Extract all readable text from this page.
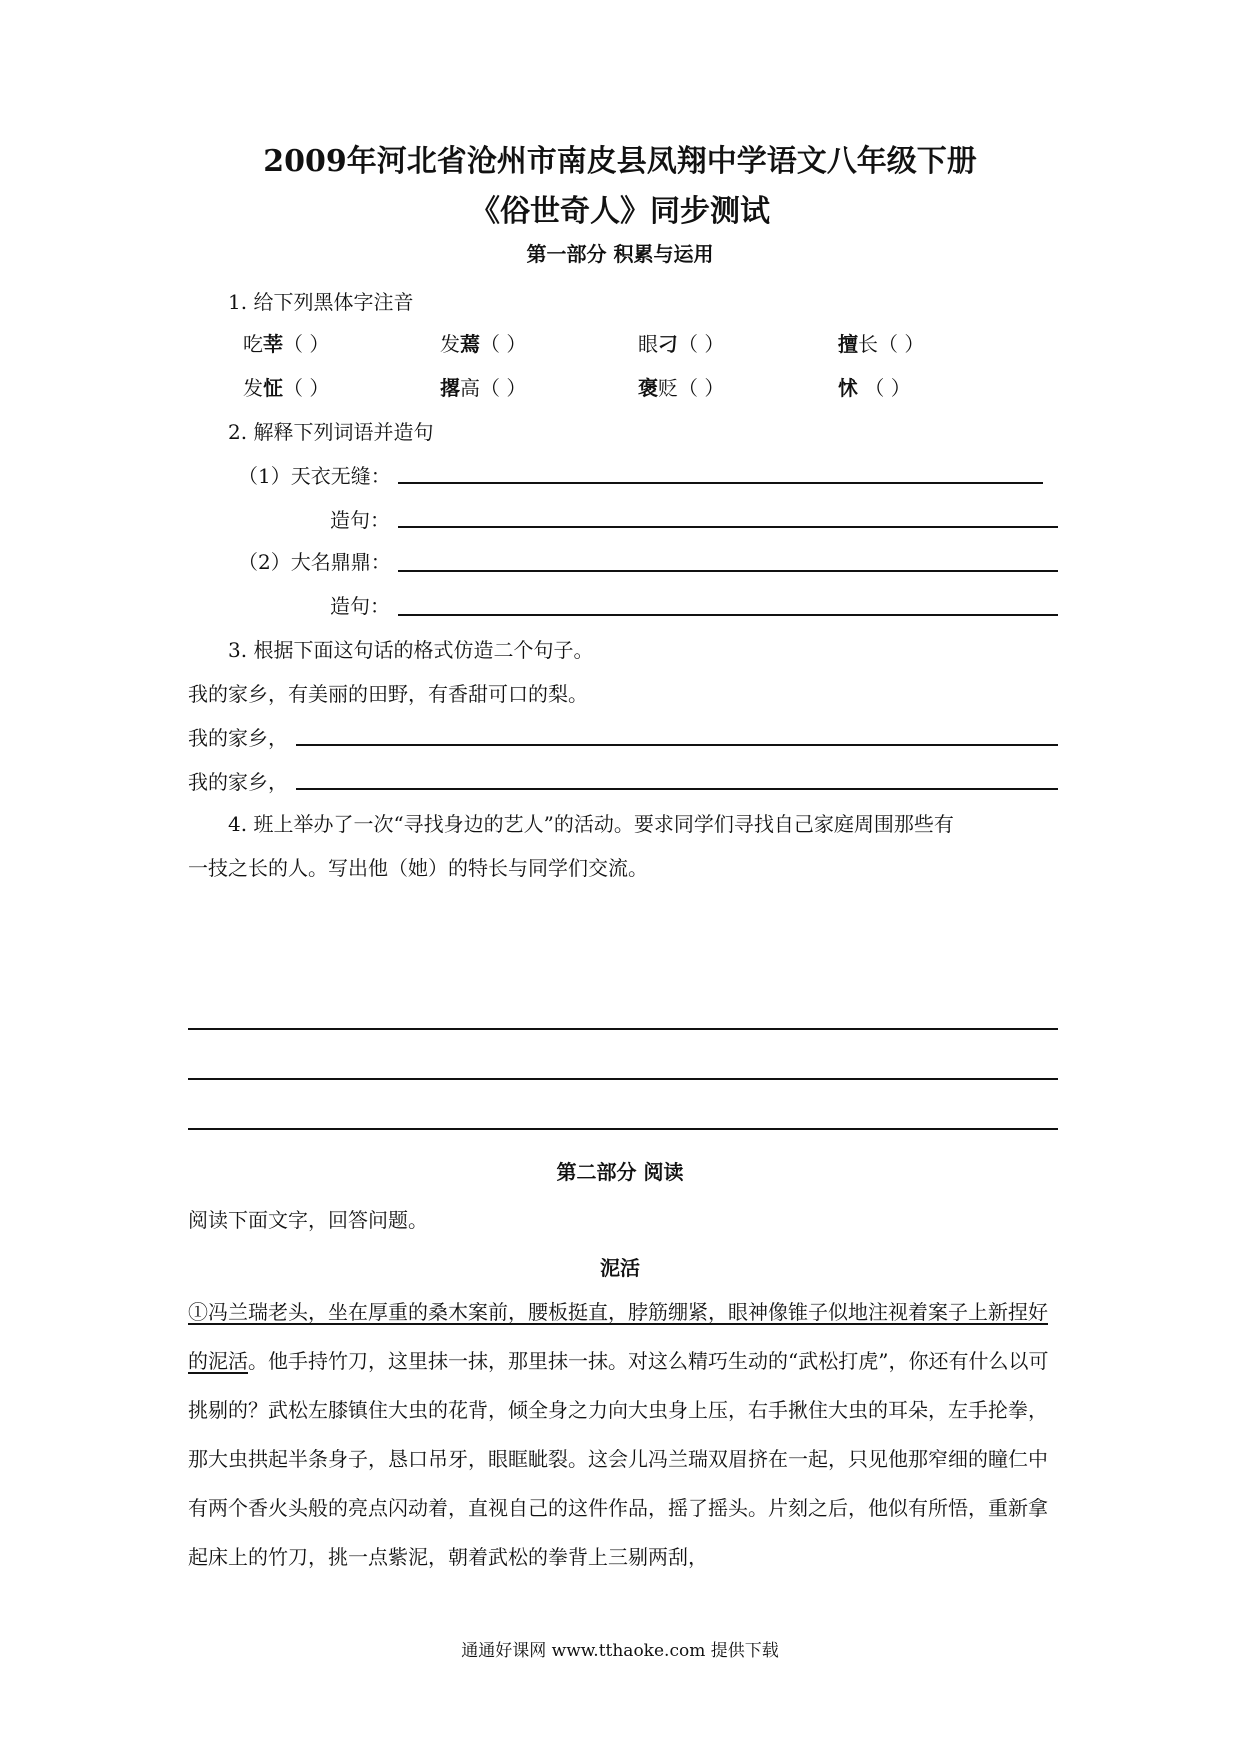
2009年河北省沧州市南皮县凤翔中学语文八年级下册
《俗世奇人》同步测试
第一部分 积累与运用
1. 给下列黑体字注音
吃莘（ ）	发蔫（ ）	眼刁（ ）	擅长（ ）
发怔（ ）	撂高（ ）	褒贬（ ）	怵 （ ）
2. 解释下列词语并造句
（1）天衣无缝：
造句：
（2）大名鼎鼎：
造句：
3. 根据下面这句话的格式仿造二个句子。
我的家乡，有美丽的田野，有香甜可口的梨。
我的家乡，
我的家乡，
4. 班上举办了一次“寻找身边的艺人”的活动。要求同学们寻找自己家庭周围那些有
一技之长的人。写出他（她）的特长与同学们交流。
第二部分 阅读
阅读下面文字，回答问题。
泥活

①冯兰瑞老头，坐在厚重的桑木案前，腰板挺直，脖筋绷紧，眼神像锥子似地注视着案子上新捏好的泥活。他手持竹刀，这里抹一抹，那里抹一抹。对这么精巧生动的“武松打虎”，你还有什么以可挑剔的？武松左膝镇住大虫的花背，倾全身之力向大虫身上压，右手揪住大虫的耳朵，左手抡拳，那大虫拱起半条身子，恳口吊牙，眼眶眦裂。这会儿冯兰瑞双眉挤在一起，只见他那窄细的瞳仁中有两个香火头般的亮点闪动着，直视自己的这件作品，摇了摇头。片刻之后，他似有所悟，重新拿起床上的竹刀，挑一点紫泥，朝着武松的拳背上三剔两刮，

通通好课网 www.tthaoke.com 提供下载
